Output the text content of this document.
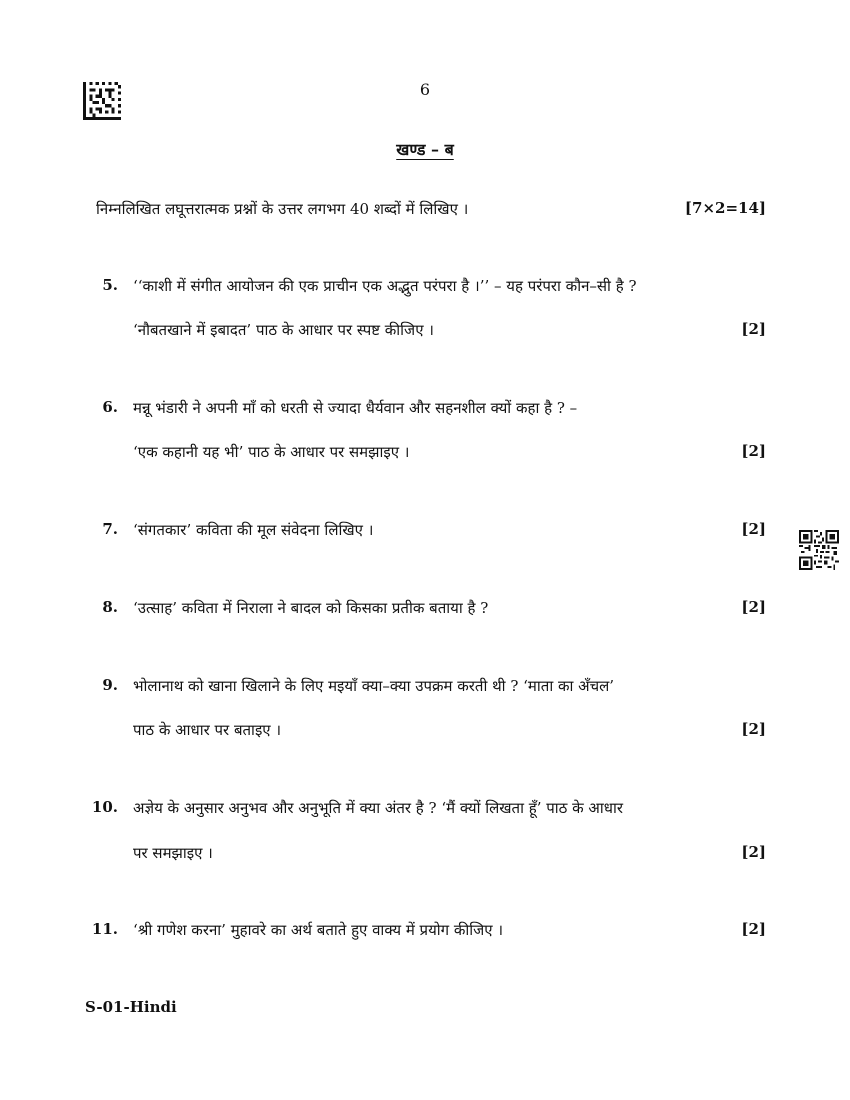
6
खण्ड – ब
निम्नलिखित लघूत्तरात्मक प्रश्नों के उत्तर लगभग 40 शब्दों में लिखिए ।	[7×2=14]
5. ‘‘काशी में संगीत आयोजन की एक प्राचीन एक अद्भुत परंपरा है ।’’ – यह परंपरा कौन–सी है ?
‘नौबतखाने में इबादत’ पाठ के आधार पर स्पष्ट कीजिए ।	[2]
6. मन्नू भंडारी ने अपनी माँ को धरती से ज्यादा धैर्यवान और सहनशील क्यों कहा है ? –
‘एक कहानी यह भी’ पाठ के आधार पर समझाइए ।	[2]
7. ‘संगतकार’ कविता की मूल संवेदना लिखिए ।	[2]
8. ‘उत्साह’ कविता में निराला ने बादल को किसका प्रतीक बताया है ?	[2]
9. भोलानाथ को खाना खिलाने के लिए मइयाँ क्या–क्या उपक्रम करती थी ? ‘माता का अँचल’
पाठ के आधार पर बताइए ।	[2]
10. अज्ञेय के अनुसार अनुभव और अनुभूति में क्या अंतर है ? ‘मैं क्यों लिखता हूँ’ पाठ के आधार
पर समझाइए ।	[2]
11. ‘श्री गणेश करना’ मुहावरे का अर्थ बताते हुए वाक्य में प्रयोग कीजिए ।	[2]
S-01-Hindi
